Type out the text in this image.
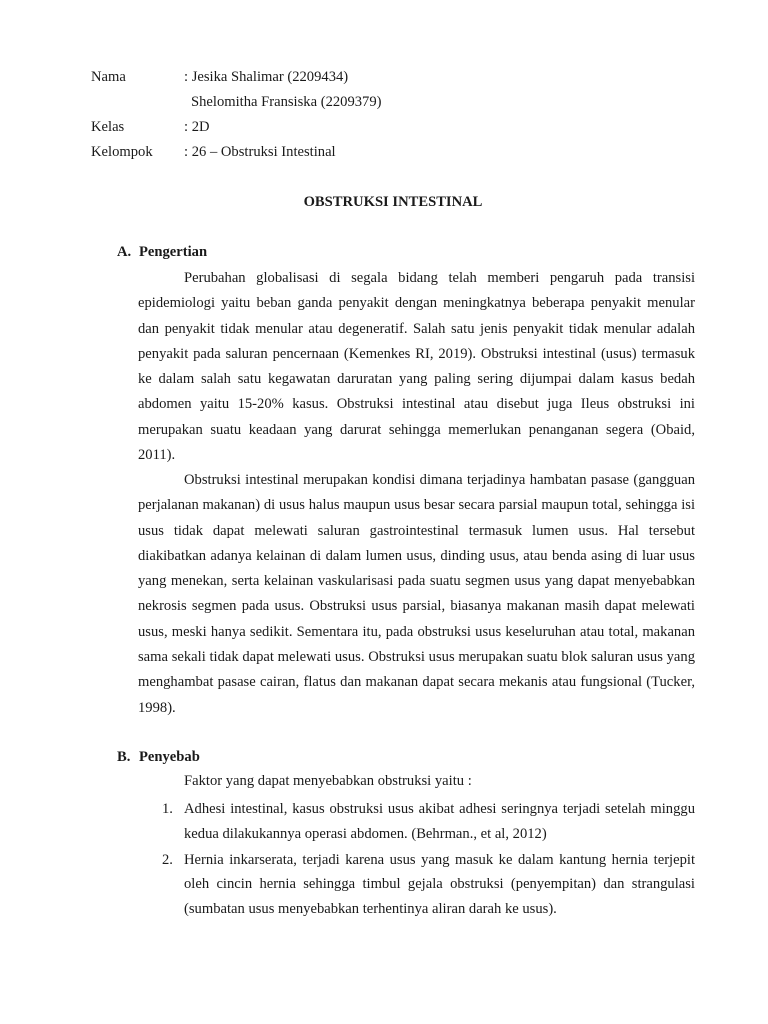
Nama	: Jesika Shalimar (2209434)
Shelomitha Fransiska (2209379)
Kelas	: 2D
Kelompok	: 26 – Obstruksi Intestinal
OBSTRUKSI INTESTINAL
A. Pengertian

Perubahan globalisasi di segala bidang telah memberi pengaruh pada transisi epidemiologi yaitu beban ganda penyakit dengan meningkatnya beberapa penyakit menular dan penyakit tidak menular atau degeneratif. Salah satu jenis penyakit tidak menular adalah penyakit pada saluran pencernaan (Kemenkes RI, 2019). Obstruksi intestinal (usus) termasuk ke dalam salah satu kegawatan daruratan yang paling sering dijumpai dalam kasus bedah abdomen yaitu 15-20% kasus. Obstruksi intestinal atau disebut juga Ileus obstruksi ini merupakan suatu keadaan yang darurat sehingga memerlukan penanganan segera (Obaid, 2011).

Obstruksi intestinal merupakan kondisi dimana terjadinya hambatan pasase (gangguan perjalanan makanan) di usus halus maupun usus besar secara parsial maupun total, sehingga isi usus tidak dapat melewati saluran gastrointestinal termasuk lumen usus. Hal tersebut diakibatkan adanya kelainan di dalam lumen usus, dinding usus, atau benda asing di luar usus yang menekan, serta kelainan vaskularisasi pada suatu segmen usus yang dapat menyebabkan nekrosis segmen pada usus. Obstruksi usus parsial, biasanya makanan masih dapat melewati usus, meski hanya sedikit. Sementara itu, pada obstruksi usus keseluruhan atau total, makanan sama sekali tidak dapat melewati usus. Obstruksi usus merupakan suatu blok saluran usus yang menghambat pasase cairan, flatus dan makanan dapat secara mekanis atau fungsional (Tucker, 1998).

B. Penyebab
Faktor yang dapat menyebabkan obstruksi yaitu :
1. Adhesi intestinal, kasus obstruksi usus akibat adhesi seringnya terjadi setelah minggu kedua dilakukannya operasi abdomen. (Behrman., et al, 2012)
2. Hernia inkarserata, terjadi karena usus yang masuk ke dalam kantung hernia terjepit oleh cincin hernia sehingga timbul gejala obstruksi (penyempitan) dan strangulasi (sumbatan usus menyebabkan terhentinya aliran darah ke usus).
